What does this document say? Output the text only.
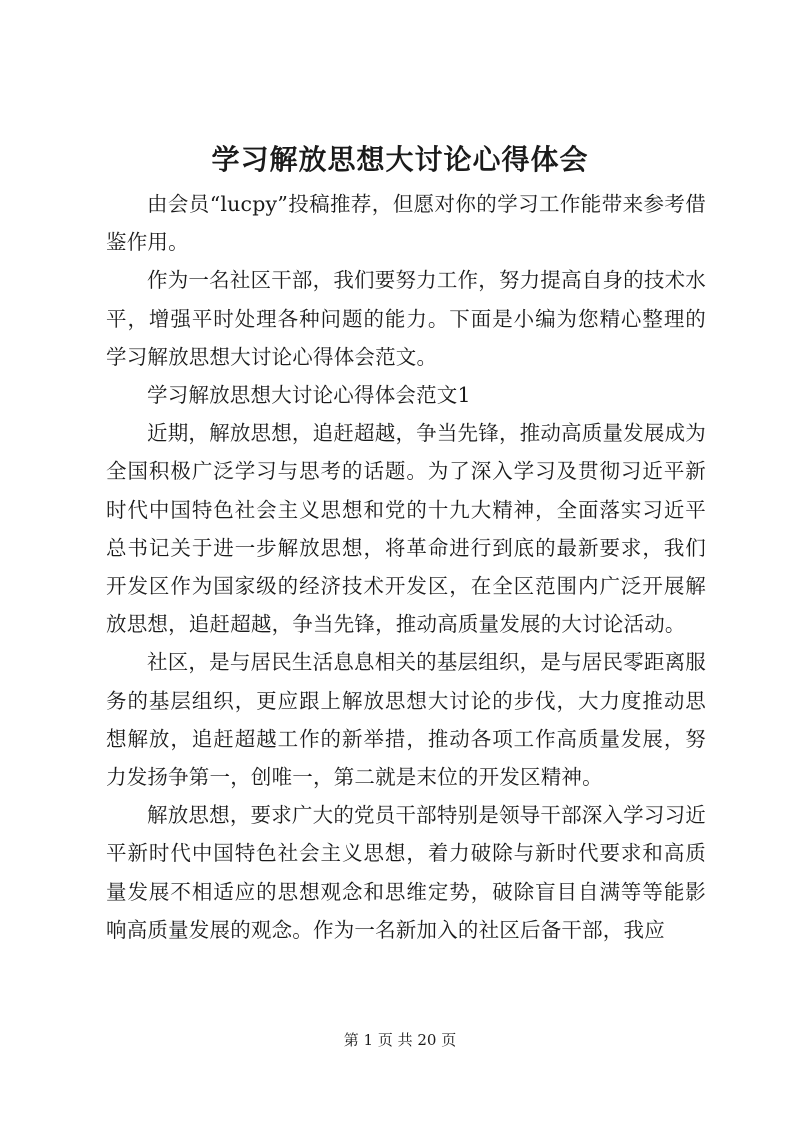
学习解放思想大讨论心得体会

由会员“lucpy”投稿推荐，但愿对你的学习工作能带来参考借鉴作用。

作为一名社区干部，我们要努力工作，努力提高自身的技术水平，增强平时处理各种问题的能力。下面是小编为您精心整理的学习解放思想大讨论心得体会范文。

学习解放思想大讨论心得体会范文1

近期，解放思想，追赶超越，争当先锋，推动高质量发展成为全国积极广泛学习与思考的话题。为了深入学习及贯彻习近平新时代中国特色社会主义思想和党的十九大精神，全面落实习近平总书记关于进一步解放思想，将革命进行到底的最新要求，我们开发区作为国家级的经济技术开发区，在全区范围内广泛开展解放思想，追赶超越，争当先锋，推动高质量发展的大讨论活动。

社区，是与居民生活息息相关的基层组织，是与居民零距离服务的基层组织，更应跟上解放思想大讨论的步伐，大力度推动思想解放，追赶超越工作的新举措，推动各项工作高质量发展，努力发扬争第一，创唯一，第二就是末位的开发区精神。

解放思想，要求广大的党员干部特别是领导干部深入学习习近平新时代中国特色社会主义思想，着力破除与新时代要求和高质量发展不相适应的思想观念和思维定势，破除盲目自满等等能影响高质量发展的观念。作为一名新加入的社区后备干部，我应

第 1 页 共 20 页
